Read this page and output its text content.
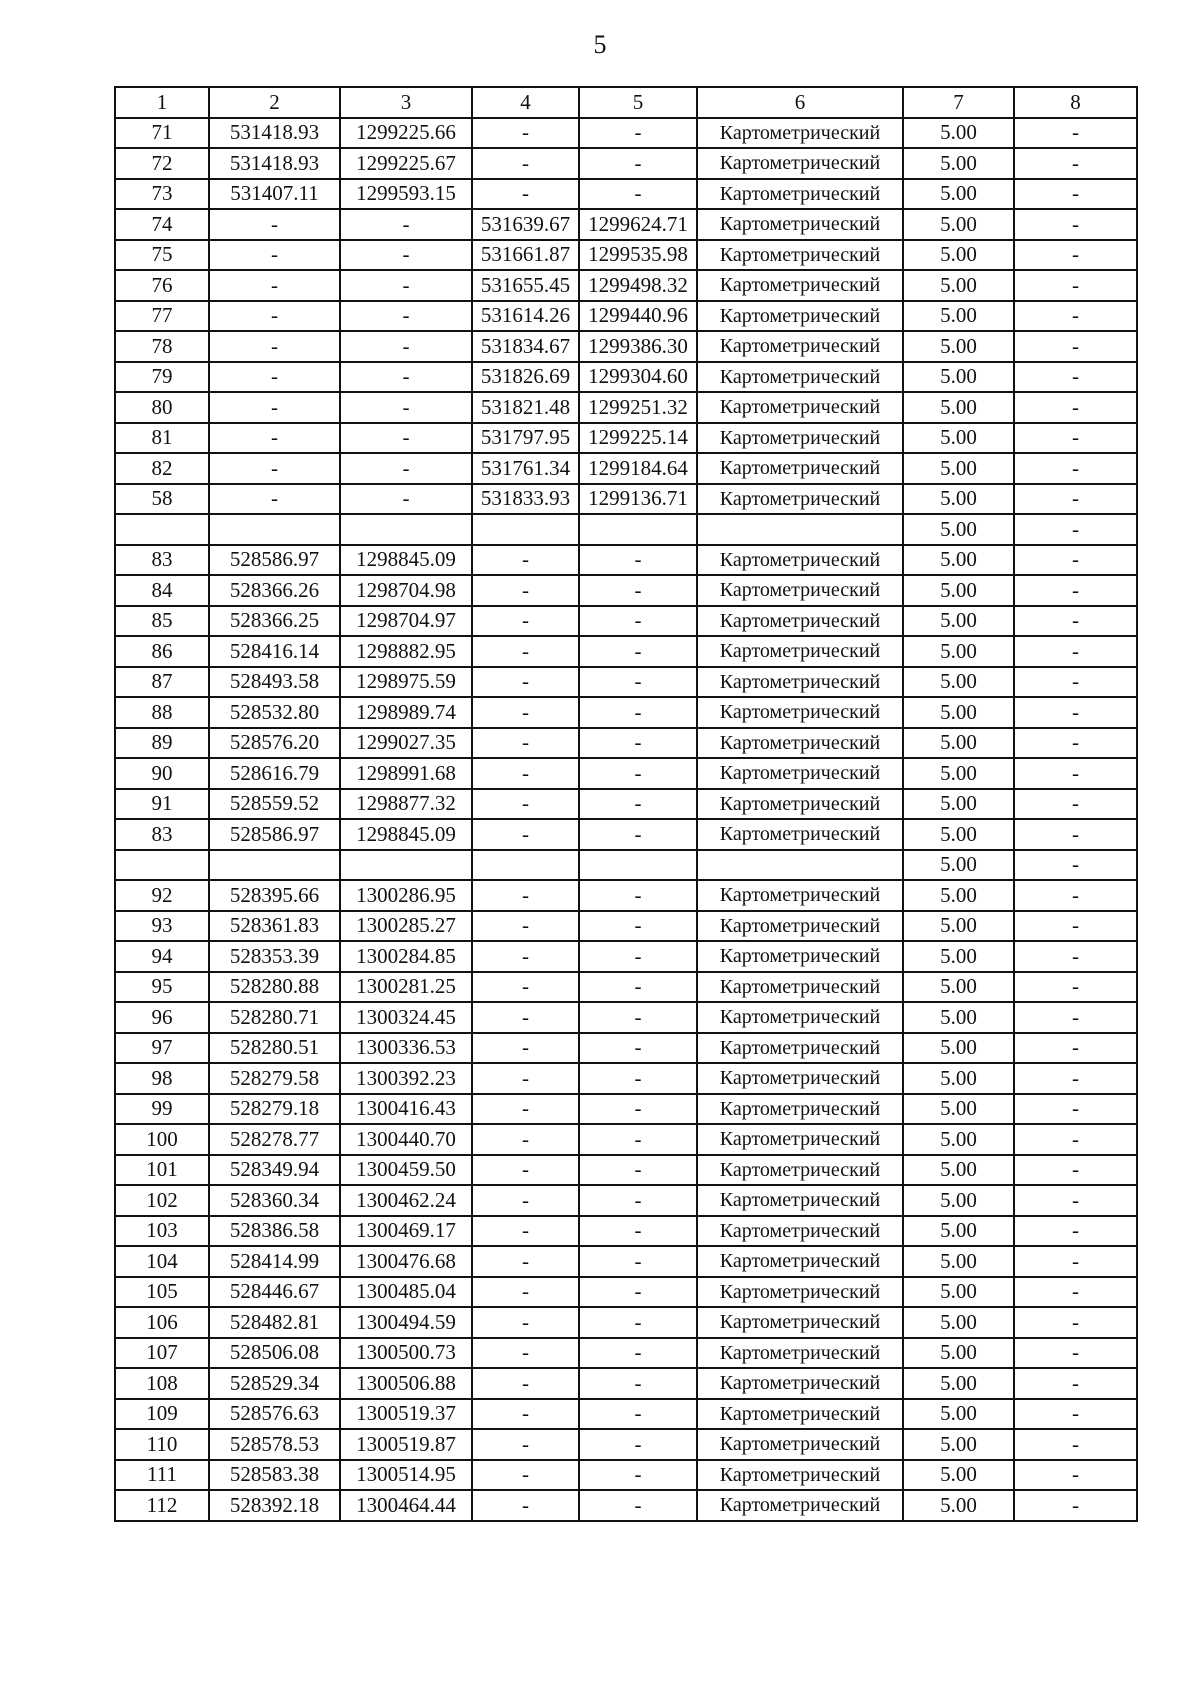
5
1	2	3	4	5	6	7	8
71	531418.93	1299225.66	-	-	Картометрический	5.00	-
72	531418.93	1299225.67	-	-	Картометрический	5.00	-
73	531407.11	1299593.15	-	-	Картометрический	5.00	-
74	-	-	531639.67	1299624.71	Картометрический	5.00	-
75	-	-	531661.87	1299535.98	Картометрический	5.00	-
76	-	-	531655.45	1299498.32	Картометрический	5.00	-
77	-	-	531614.26	1299440.96	Картометрический	5.00	-
78	-	-	531834.67	1299386.30	Картометрический	5.00	-
79	-	-	531826.69	1299304.60	Картометрический	5.00	-
80	-	-	531821.48	1299251.32	Картометрический	5.00	-
81	-	-	531797.95	1299225.14	Картометрический	5.00	-
82	-	-	531761.34	1299184.64	Картометрический	5.00	-
58	-	-	531833.93	1299136.71	Картометрический	5.00	-
						5.00	-
83	528586.97	1298845.09	-	-	Картометрический	5.00	-
84	528366.26	1298704.98	-	-	Картометрический	5.00	-
85	528366.25	1298704.97	-	-	Картометрический	5.00	-
86	528416.14	1298882.95	-	-	Картометрический	5.00	-
87	528493.58	1298975.59	-	-	Картометрический	5.00	-
88	528532.80	1298989.74	-	-	Картометрический	5.00	-
89	528576.20	1299027.35	-	-	Картометрический	5.00	-
90	528616.79	1298991.68	-	-	Картометрический	5.00	-
91	528559.52	1298877.32	-	-	Картометрический	5.00	-
83	528586.97	1298845.09	-	-	Картометрический	5.00	-
						5.00	-
92	528395.66	1300286.95	-	-	Картометрический	5.00	-
93	528361.83	1300285.27	-	-	Картометрический	5.00	-
94	528353.39	1300284.85	-	-	Картометрический	5.00	-
95	528280.88	1300281.25	-	-	Картометрический	5.00	-
96	528280.71	1300324.45	-	-	Картометрический	5.00	-
97	528280.51	1300336.53	-	-	Картометрический	5.00	-
98	528279.58	1300392.23	-	-	Картометрический	5.00	-
99	528279.18	1300416.43	-	-	Картометрический	5.00	-
100	528278.77	1300440.70	-	-	Картометрический	5.00	-
101	528349.94	1300459.50	-	-	Картометрический	5.00	-
102	528360.34	1300462.24	-	-	Картометрический	5.00	-
103	528386.58	1300469.17	-	-	Картометрический	5.00	-
104	528414.99	1300476.68	-	-	Картометрический	5.00	-
105	528446.67	1300485.04	-	-	Картометрический	5.00	-
106	528482.81	1300494.59	-	-	Картометрический	5.00	-
107	528506.08	1300500.73	-	-	Картометрический	5.00	-
108	528529.34	1300506.88	-	-	Картометрический	5.00	-
109	528576.63	1300519.37	-	-	Картометрический	5.00	-
110	528578.53	1300519.87	-	-	Картометрический	5.00	-
111	528583.38	1300514.95	-	-	Картометрический	5.00	-
112	528392.18	1300464.44	-	-	Картометрический	5.00	-
